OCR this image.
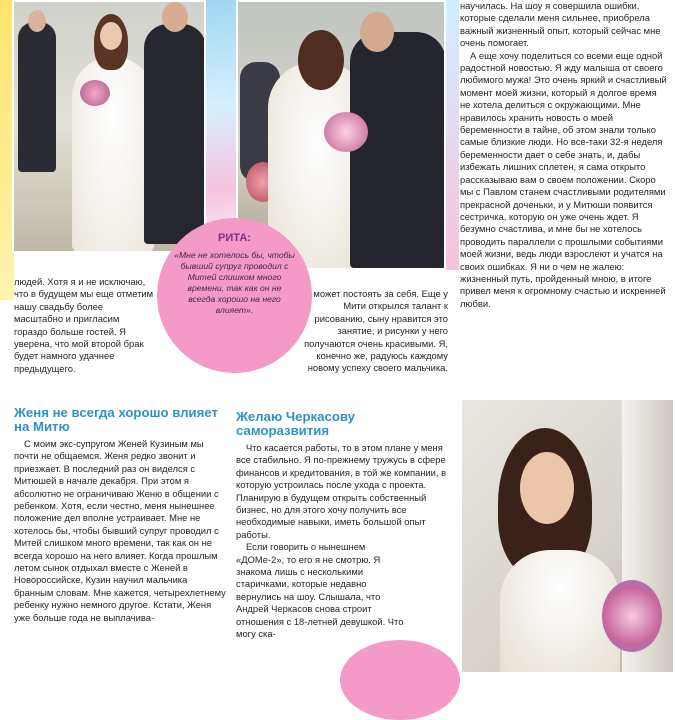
РИТА:
«Мне не хотелось бы, чтобы бывший супруг проводил с Митей слишком много времени, так как он не всегда хорошо на него влияет».

людей. Хотя я и не исключаю, что в будущем мы еще отметим нашу свадьбу более масштабно и пригласим гораздо больше гостей. Я уверена, что мой второй брак будет намного удачнее предыдущего.

Женя не всегда хорошо влияет на Митю

С моим экс-супругом Женей Кузиным мы почти не общаемся. Женя редко звонит и приезжает. В последний раз он виделся с Митюшей в начале декабря. При этом я абсолютно не ограничиваю Женю в общении с ребенком. Хотя, если честно, меня нынешнее положение дел вполне устраивает. Мне не хотелось бы, чтобы бывший супруг проводил с Митей слишком много времени, так как он не всегда хорошо на него влияет. Когда прошлым летом сынок отдыхал вместе с Женей в Новороссийске, Кузин научил мальчика бранным словам. Мне кажется, четырехлетнему ребенку нужно немного другое. Кстати, Женя уже больше года не выплачива-

может постоять за себя. Еще у Мити открылся талант к рисованию, сыну нравится это занятие, и рисунки у него получаются очень красивыми. Я, конечно же, радуюсь каждому новому успеху своего мальчика.

Желаю Черкасову саморазвития

Что касается работы, то в этом плане у меня все стабильно. Я по-прежнему тружусь в сфере финансов и кредитования, в той же компании, в которую устроилась после ухода с проекта. Планирую в будущем открыть собственный бизнес, но для этого хочу получить все необходимые навыки, иметь большой опыт работы.

Если говорить о нынешнем «ДОМе-2», то его я не смотрю. Я знакома лишь с несколькими старичками, которые недавно вернулись на шоу. Слышала, что Андрей Черкасов снова строит отношения с 18-летней девушкой. Что могу ска-

научилась. На шоу я совершила ошибки, которые сделали меня сильнее, приобрела важный жизненный опыт, который сейчас мне очень помогает.

А еще хочу поделиться со всеми еще одной радостной новостью. Я жду малыша от своего любимого мужа! Это очень яркий и счастливый момент моей жизни, который я долгое время не хотела делиться с окружающими. Мне нравилось хранить новость о моей беременности в тайне, об этом знали только самые близкие люди. Но все-таки 32-я неделя беременности дает о себе знать, и, дабы избежать лишних сплетен, я сама открыто рассказываю вам о своем положении. Скоро мы с Павлом станем счастливыми родителями прекрасной доченьки, и у Митюши появится сестричка, которую он уже очень ждет. Я безумно счастлива, и мне бы не хотелось проводить параллели с прошлыми событиями моей жизни, ведь люди взрослеют и учатся на своих ошибках. Я ни о чем не жалею: жизненный путь, пройденный мною, в итоге привел меня к огромному счастью и искренней любви.
